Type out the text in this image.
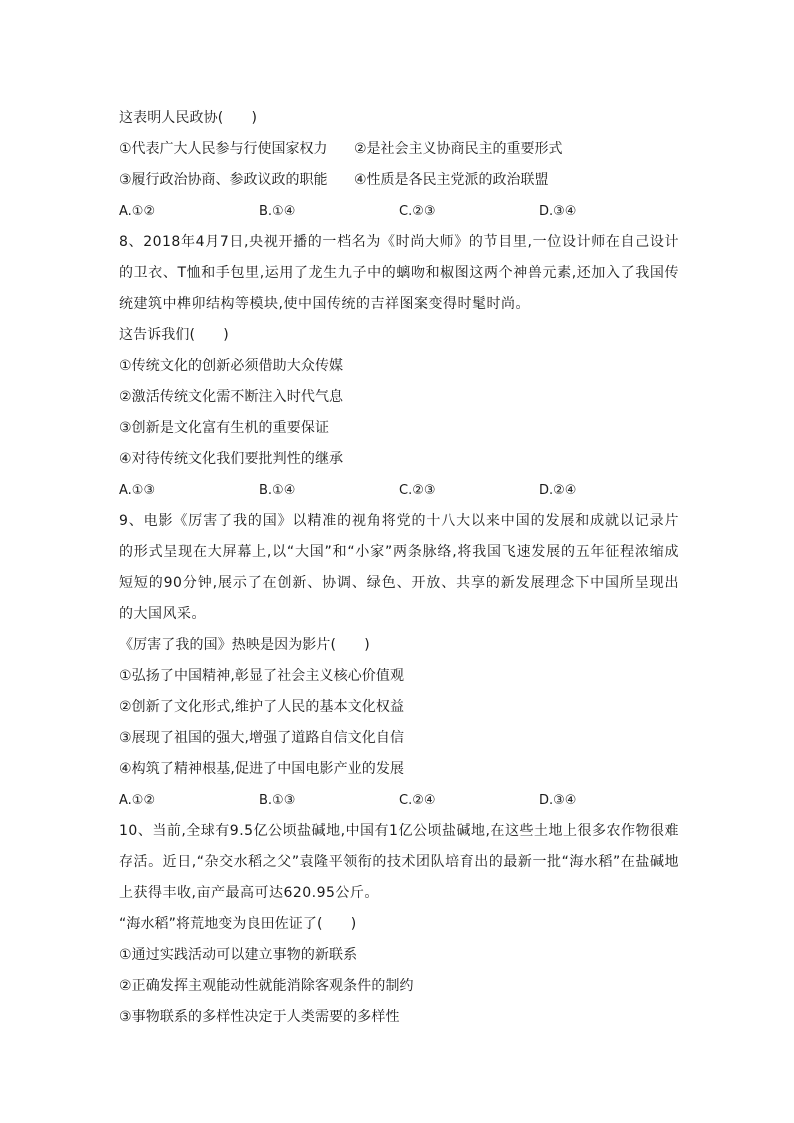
这表明人民政协(　　)
①代表广大人民参与行使国家权力	②是社会主义协商民主的重要形式
③履行政治协商、参政议政的职能	④性质是各民主党派的政治联盟
A.①②	B.①④	C.②③	D.③④

8、2018年4月7日,央视开播的一档名为《时尚大师》的节目里,一位设计师在自己设计的卫衣、T恤和手包里,运用了龙生九子中的螭吻和椒图这两个神兽元素,还加入了我国传统建筑中榫卯结构等模块,使中国传统的吉祥图案变得时髦时尚。

这告诉我们(　　)
①传统文化的创新必须借助大众传媒
②激活传统文化需不断注入时代气息
③创新是文化富有生机的重要保证
④对待传统文化我们要批判性的继承
A.①③	B.①④	C.②③	D.②④

9、电影《厉害了我的国》以精准的视角将党的十八大以来中国的发展和成就以记录片的形式呈现在大屏幕上,以“大国”和“小家”两条脉络,将我国飞速发展的五年征程浓缩成短短的90分钟,展示了在创新、协调、绿色、开放、共享的新发展理念下中国所呈现出的大国风采。

《厉害了我的国》热映是因为影片(　　)
①弘扬了中国精神,彰显了社会主义核心价值观
②创新了文化形式,维护了人民的基本文化权益
③展现了祖国的强大,增强了道路自信文化自信
④构筑了精神根基,促进了中国电影产业的发展
A.①②	B.①③	C.②④	D.③④

10、当前,全球有9.5亿公顷盐碱地,中国有1亿公顷盐碱地,在这些土地上很多农作物很难存活。近日,“杂交水稻之父”袁隆平领衔的技术团队培育出的最新一批“海水稻”在盐碱地上获得丰收,亩产最高可达620.95公斤。

“海水稻”将荒地变为良田佐证了(　　)
①通过实践活动可以建立事物的新联系
②正确发挥主观能动性就能消除客观条件的制约
③事物联系的多样性决定于人类需要的多样性
